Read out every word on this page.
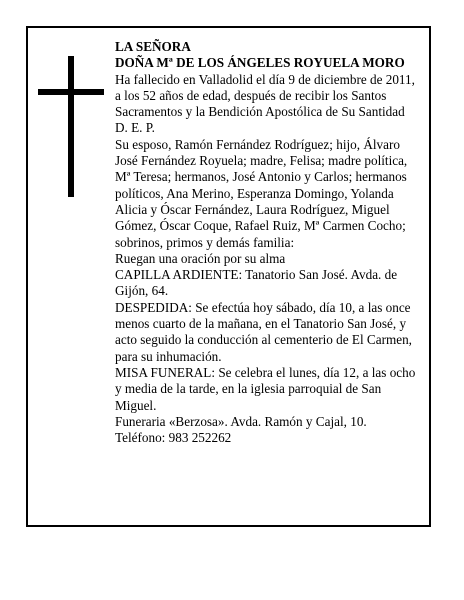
LA SEÑORA

DOÑA Mª DE LOS ÁNGELES ROYUELA MORO

Ha fallecido en Valladolid el día 9 de diciembre de 2011, a los 52 años de edad, después de recibir los Santos Sacramentos y la Bendición Apostólica de Su Santidad

D. E. P.

Su esposo, Ramón Fernández Rodríguez; hijo, Álvaro José Fernández Royuela; madre, Felisa; madre política, Mª Teresa; hermanos, José Antonio y Carlos; hermanos políticos, Ana Merino, Esperanza Domingo, Yolanda Alicia y Óscar Fernández, Laura Rodríguez, Miguel Gómez, Óscar Coque, Rafael Ruiz, Mª Carmen Cocho; sobrinos, primos y demás familia:

Ruegan una oración por su alma

CAPILLA ARDIENTE: Tanatorio San José. Avda. de Gijón, 64.

DESPEDIDA: Se efectúa hoy sábado, día 10, a las once menos cuarto de la mañana, en el Tanatorio San José, y acto seguido la conducción al cementerio de El Carmen, para su inhumación.

MISA FUNERAL: Se celebra el lunes, día 12, a las ocho y media de la tarde, en la iglesia parroquial de San Miguel.

Funeraria «Berzosa». Avda. Ramón y Cajal, 10.

Teléfono: 983 252262
